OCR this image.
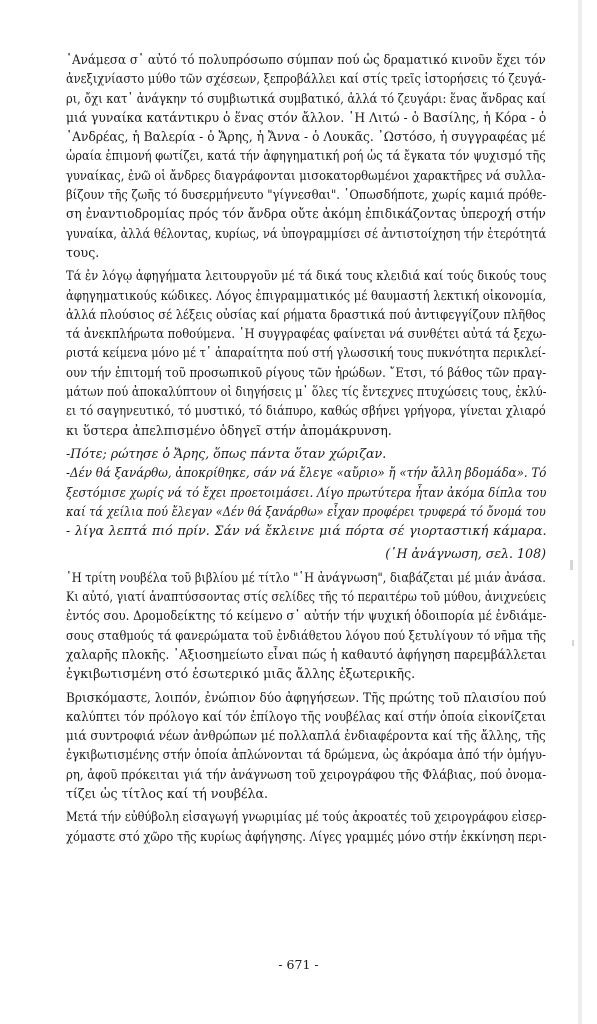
᾿Ανάμεσα σ᾿ αὐτό τό πολυπρόσωπο σύμπαν πού ὡς δραματικό κινοῦν ἔχει τόν
ἀνεξιχνίαστο μύθο τῶν σχέσεων, ξεπροβάλλει καί στίς τρεῖς ἱστορήσεις τό ζευγά-
ρι, ὄχι κατ᾿ ἀνάγκην τό συμβιωτικά συμβατικό, ἀλλά τό ζευγάρι: ἕνας ἄνδρας καί
μιά γυναίκα κατάντικρυ ὁ ἕνας στόν ἄλλον. ῾Η Λιτώ - ὁ Βασίλης, ἡ Κόρα - ὁ
᾿Ανδρέας, ἡ Βαλερία - ὁ Ἄρης, ἡ Ἄννα - ὁ Λουκᾶς. ᾿Ωστόσο, ἡ συγγραφέας μέ
ὡραία ἐπιμονή φωτίζει, κατά τήν ἀφηγηματική ροή ὡς τά ἔγκατα τόν ψυχισμό τῆς
γυναίκας, ἐνῶ οἱ ἄνδρες διαγράφονται μισοκατορθωμένοι χαρακτῆρες νά συλλα-
βίζουν τῆς ζωῆς τό δυσερμήνευτο "γίγνεσθαι". ῾Οπωσδήποτε, χωρίς καμιά πρόθε-
ση ἐναντιοδρομίας πρός τόν ἄνδρα οὔτε ἀκόμη ἐπιδικάζοντας ὑπεροχή στήν
γυναίκα, ἀλλά θέλοντας, κυρίως, νά ὑπογραμμίσει σέ ἀντιστοίχηση τήν ἑτερότητά
τους.
Τά ἐν λόγῳ ἀφηγήματα λειτουργοῦν μέ τά δικά τους κλειδιά καί τούς δικούς τους
ἀφηγηματικούς κώδικες. Λόγος ἐπιγραμματικός μέ θαυμαστή λεκτική οἰκονομία,
ἀλλά πλούσιος σέ λέξεις οὐσίας καί ρήματα δραστικά πού ἀντιφεγγίζουν πλῆθος
τά ἀνεκπλήρωτα ποθούμενα. ῾Η συγγραφέας φαίνεται νά συνθέτει αὐτά τά ξεχω-
ριστά κείμενα μόνο μέ τ᾿ ἀπαραίτητα πού στή γλωσσική τους πυκνότητα περικλεί-
ουν τήν ἐπιτομή τοῦ προσωπικοῦ ρίγους τῶν ἡρώδων. ῎Ετσι, τό βάθος τῶν πραγ-
μάτων πού ἀποκαλύπτουν οἱ διηγήσεις μ᾿ ὅλες τίς ἔντεχνες πτυχώσεις τους, ἐκλύ-
ει τό σαγηνευτικό, τό μυστικό, τό διάπυρο, καθώς σβήνει γρήγορα, γίνεται χλιαρό
κι ὕστερα ἀπελπισμένο ὁδηγεῖ στήν ἀπομάκρυνση.
-Πότε; ρώτησε ὁ Ἄρης, ὅπως πάντα ὅταν χώριζαν.
-Δέν θά ξανάρθω, ἀποκρίθηκε, σάν νά ἔλεγε «αὔριο» ἤ «τήν ἄλλη βδομάδα». Τό
ξεστόμισε χωρίς νά τό ἔχει προετοιμάσει. Λίγο πρωτύτερα ἦταν ἀκόμα δίπλα του
καί τά χείλια πού ἔλεγαν «Δέν θά ξανάρθω» εἶχαν προφέρει τρυφερά τό ὄνομά του
- λίγα λεπτά πιό πρίν. Σάν νά ἔκλεινε μιά πόρτα σέ γιορταστική κάμαρα.
(῾Η ἀνάγνωση, σελ. 108)
῾Η τρίτη νουβέλα τοῦ βιβλίου μέ τίτλο "῾Η ἀνάγνωση", διαβάζεται μέ μιάν ἀνάσα.
Κι αὐτό, γιατί ἀναπτύσσοντας στίς σελίδες τῆς τό περαιτέρω τοῦ μύθου, ἀνιχνεύεις
ἐντός σου. Δρομοδείκτης τό κείμενο σ᾿ αὐτήν τήν ψυχική ὁδοιπορία μέ ἐνδιάμε-
σους σταθμούς τά φανερώματα τοῦ ἐνδιάθετου λόγου πού ξετυλίγουν τό νῆμα τῆς
χαλαρῆς πλοκῆς. ᾿Αξιοσημείωτο εἶναι πώς ἡ καθαυτό ἀφήγηση παρεμβάλλεται
ἐγκιβωτισμένη στό ἐσωτερικό μιᾶς ἄλλης ἐξωτερικῆς.
Βρισκόμαστε, λοιπόν, ἐνώπιον δύο ἀφηγήσεων. Τῆς πρώτης τοῦ πλαισίου πού
καλύπτει τόν πρόλογο καί τόν ἐπίλογο τῆς νουβέλας καί στήν ὁποία εἰκονίζεται
μιά συντροφιά νέων ἀνθρώπων μέ πολλαπλά ἐνδιαφέροντα καί τῆς ἄλλης, τῆς
ἐγκιβωτισμένης στήν ὁποία ἀπλώνονται τά δρώμενα, ὡς ἀκρόαμα ἀπό τήν ὁμήγυ-
ρη, ἀφοῦ πρόκειται γιά τήν ἀνάγνωση τοῦ χειρογράφου τῆς Φλάβιας, πού ὀνομα-
τίζει ὡς τίτλος καί τή νουβέλα.
Μετά τήν εὐθύβολη εἰσαγωγή γνωριμίας μέ τούς ἀκροατές τοῦ χειρογράφου εἰσερ-
χόμαστε στό χῶρο τῆς κυρίως ἀφήγησης. Λίγες γραμμές μόνο στήν ἐκκίνηση περι-
- 671 -
